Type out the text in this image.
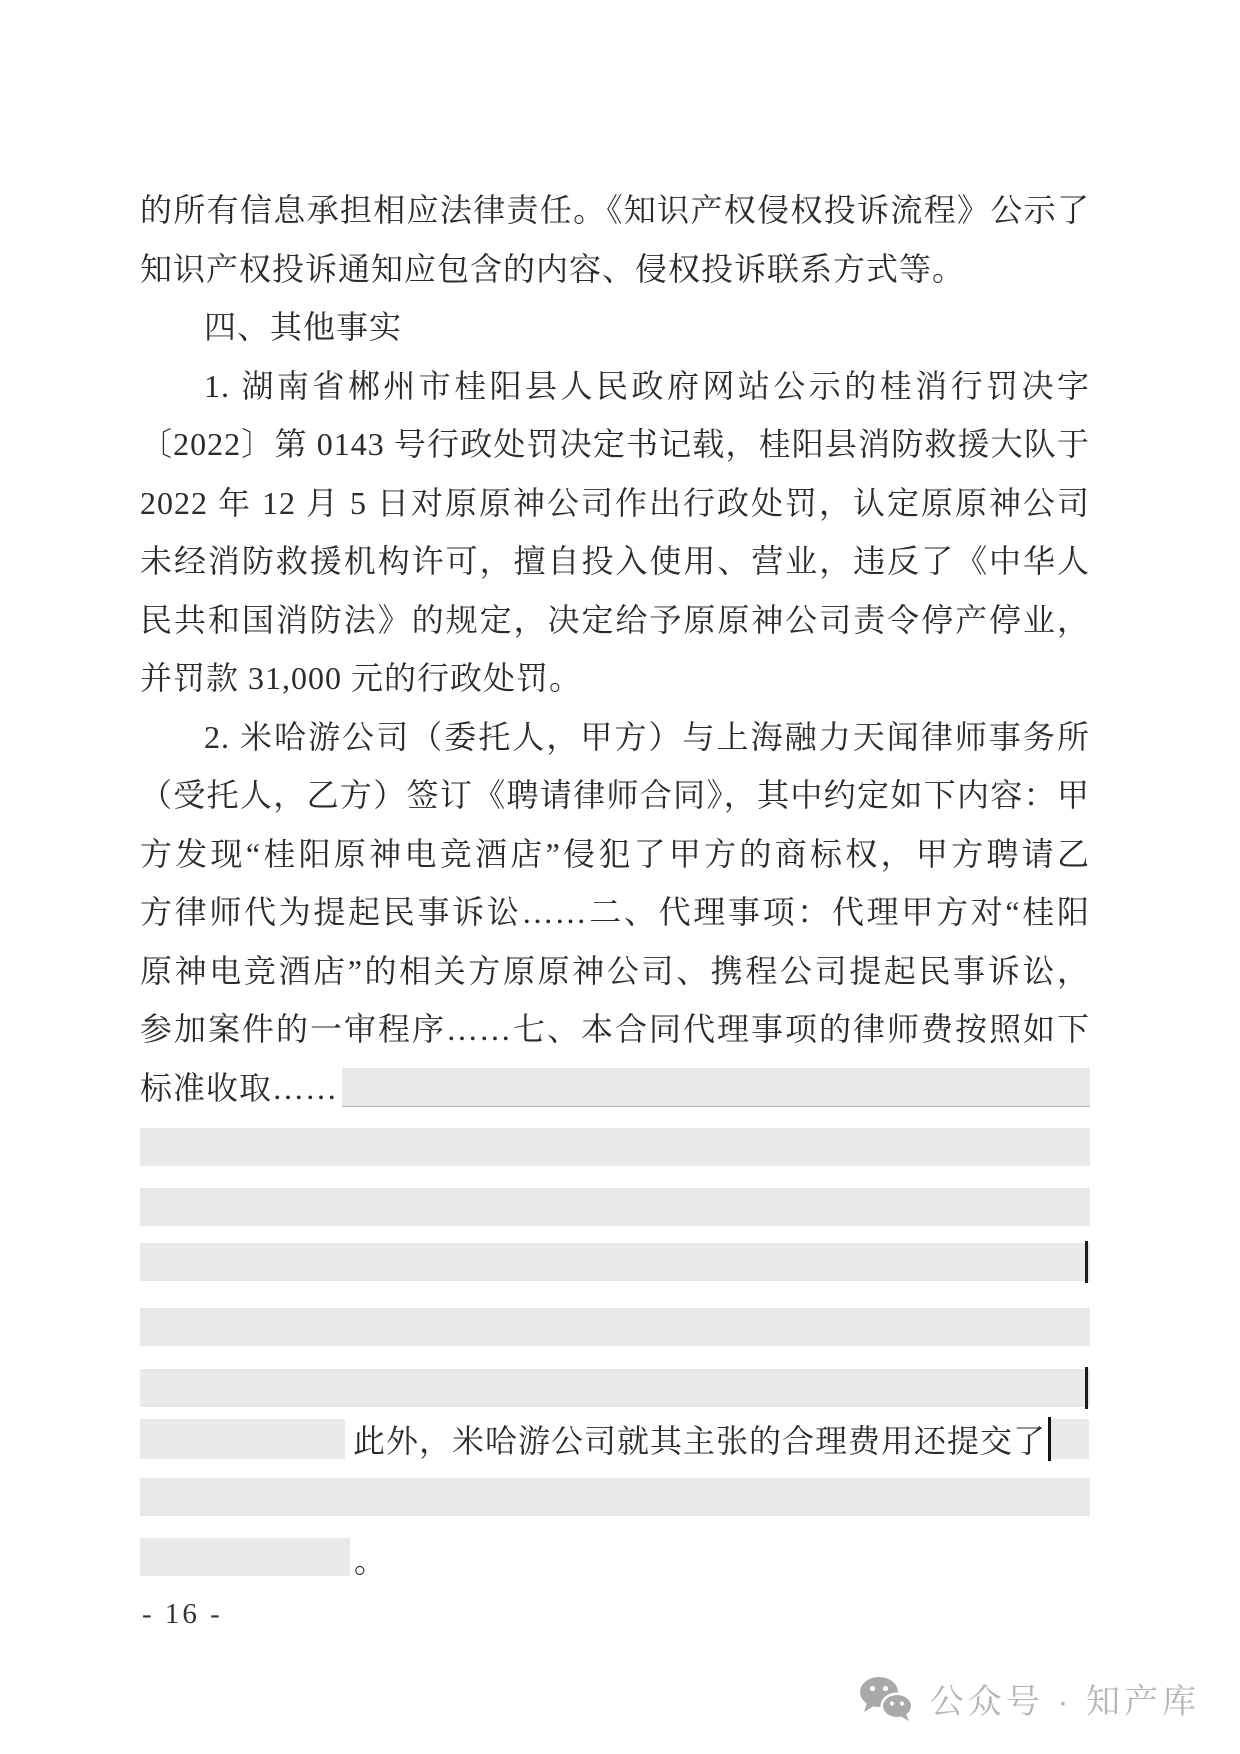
的所有信息承担相应法律责任。《知识产权侵权投诉流程》公示了
知识产权投诉通知应包含的内容、侵权投诉联系方式等。
四、其他事实
1. 湖南省郴州市桂阳县人民政府网站公示的桂消行罚决字
〔2022〕第 0143 号行政处罚决定书记载，桂阳县消防救援大队于
2022 年 12 月 5 日对原原神公司作出行政处罚，认定原原神公司
未经消防救援机构许可，擅自投入使用、营业，违反了《中华人
民共和国消防法》的规定，决定给予原原神公司责令停产停业，
并罚款 31,000 元的行政处罚。
2. 米哈游公司（委托人，甲方）与上海融力天闻律师事务所
（受托人，乙方）签订《聘请律师合同》，其中约定如下内容：甲
方发现“桂阳原神电竞酒店”侵犯了甲方的商标权，甲方聘请乙
方律师代为提起民事诉讼……二、代理事项：代理甲方对“桂阳
原神电竞酒店”的相关方原原神公司、携程公司提起民事诉讼，
参加案件的一审程序……七、本合同代理事项的律师费按照如下
标准收取……
此外，米哈游公司就其主张的合理费用还提交了
。
- 16 -
公众号 · 知产库
